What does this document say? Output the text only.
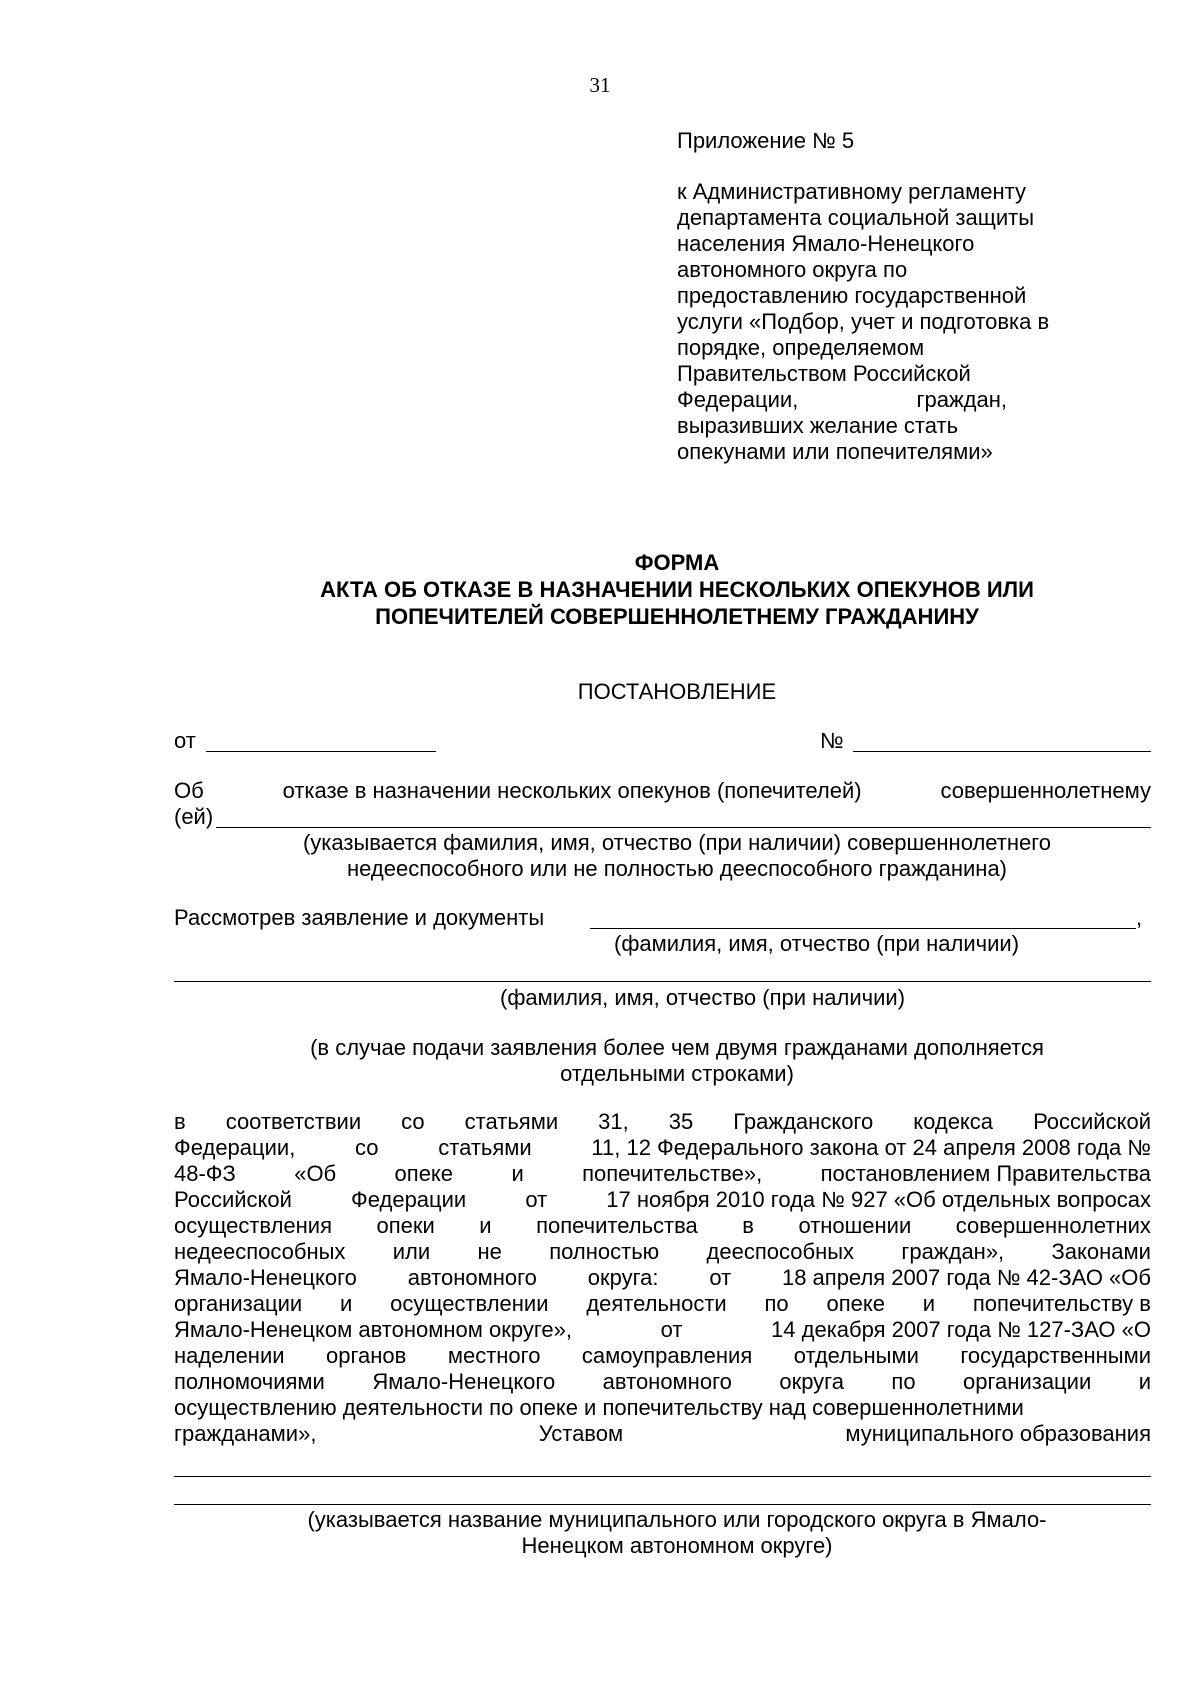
31
Приложение № 5
к Административному регламенту
департамента социальной защиты
населения Ямало-Ненецкого
автономного округа по
предоставлению государственной
услуги «Подбор, учет и подготовка в
порядке, определяемом
Правительством Российской
Федерации,	граждан,
выразивших желание стать
опекунами или попечителями»
ФОРМА
АКТА ОБ ОТКАЗЕ В НАЗНАЧЕНИИ НЕСКОЛЬКИХ ОПЕКУНОВ ИЛИ
ПОПЕЧИТЕЛЕЙ СОВЕРШЕННОЛЕТНЕМУ ГРАЖДАНИНУ
ПОСТАНОВЛЕНИЕ
от	№
Об	отказе в назначении нескольких опекунов (попечителей)	совершеннолетнему
(ей)
(указывается фамилия, имя, отчество (при наличии) совершеннолетнего
недееспособного или не полностью дееспособного гражданина)
Рассмотрев заявление и документы	,
(фамилия, имя, отчество (при наличии)
(фамилия, имя, отчество (при наличии)
(в случае подачи заявления более чем двумя гражданами дополняется
отдельными строками)
в соответствии со статьями 31, 35 Гражданского кодекса Российской
Федерации,	со	статьями	11, 12 Федерального закона от 24 апреля 2008 года №
48-ФЗ	«Об	опеке	и	попечительстве»,	постановлением Правительства
Российской	Федерации	от	17 ноября 2010 года № 927 «Об отдельных вопросах
осуществления опеки и попечительства в отношении совершеннолетних
недееспособных или не полностью дееспособных граждан», Законами
Ямало-Ненецкого автономного округа: от 18 апреля 2007 года № 42-ЗАО «Об
организации и осуществлении деятельности по опеке и попечительству в
Ямало-Ненецком автономном округе»,	от	14 декабря 2007 года № 127-ЗАО «О
наделении органов местного самоуправления отдельными государственными
полномочиями Ямало-Ненецкого автономного округа по организации и
осуществлению деятельности по опеке и попечительству над совершеннолетними
гражданами»,	Уставом	муниципального образования
(указывается название муниципального или городского округа в Ямало-
Ненецком автономном округе)
